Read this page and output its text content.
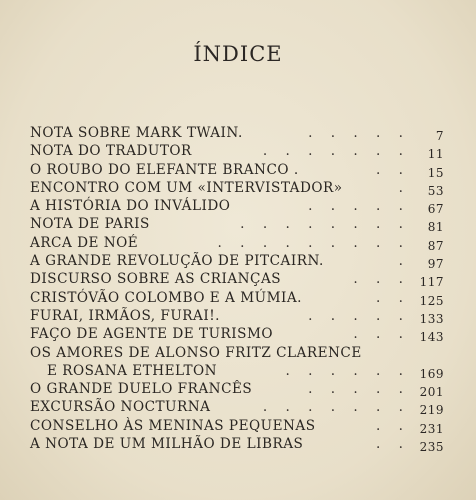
ÍNDICE
NOTA SOBRE MARK TWAIN.	. . . . . 7
NOTA DO TRADUTOR	. . . . . . . 11
O ROUBO DO ELEFANTE BRANCO .	. . 15
ENCONTRO COM UM «INTERVISTADOR»	. 53
A HISTÓRIA DO INVÁLIDO	. . . . . 67
NOTA DE PARIS	. . . . . . . . 81
ARCA DE NOÉ	. . . . . . . . . 87
A GRANDE REVOLUÇÃO DE PITCAIRN.	. 97
DISCURSO SOBRE AS CRIANÇAS	. . . 117
CRISTÓVÃO COLOMBO E A MÚMIA.	. . 125
FURAI, IRMÃOS, FURAI!.	. . . . . 133
FAÇO DE AGENTE DE TURISMO	. . . 143
OS AMORES DE ALONSO FRITZ CLARENCE
E ROSANA ETHELTON	. . . . . . 169
O GRANDE DUELO FRANCÊS	. . . . . 201
EXCURSÃO NOCTURNA	. . . . . . . 219
CONSELHO ÀS MENINAS PEQUENAS	. . 231
A NOTA DE UM MILHÃO DE LIBRAS	. . 235
